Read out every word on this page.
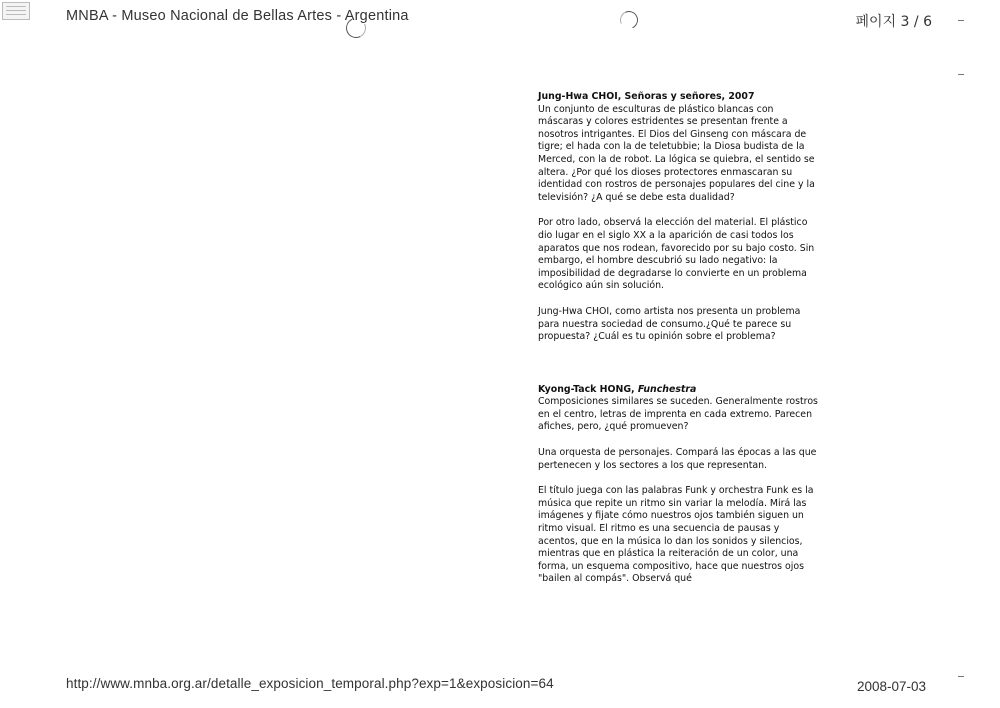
MNBA - Museo Nacional de Bellas Artes - Argentina	페이지 3 / 6

Jung-Hwa CHOI, Señoras y señores, 2007

Un conjunto de esculturas de plástico blancas con máscaras y colores estridentes se presentan frente a nosotros intrigantes. El Dios del Ginseng con máscara de tigre; el hada con la de teletubbie; la Diosa budista de la Merced, con la de robot. La lógica se quiebra, el sentido se altera. ¿Por qué los dioses protectores enmascaran su identidad con rostros de personajes populares del cine y la televisión? ¿A qué se debe esta dualidad?

Por otro lado, observá la elección del material. El plástico dio lugar en el siglo XX a la aparición de casi todos los aparatos que nos rodean, favorecido por su bajo costo. Sin embargo, el hombre descubrió su lado negativo: la imposibilidad de degradarse lo convierte en un problema ecológico aún sin solución.

Jung-Hwa CHOI, como artista nos presenta un problema para nuestra sociedad de consumo.¿Qué te parece su propuesta? ¿Cuál es tu opinión sobre el problema?

Kyong-Tack HONG, Funchestra

Composiciones similares se suceden. Generalmente rostros en el centro, letras de imprenta en cada extremo. Parecen afiches, pero, ¿qué promueven?

Una orquesta de personajes. Compará las épocas a las que pertenecen y los sectores a los que representan.

El título juega con las palabras Funk y orchestra Funk es la música que repite un ritmo sin variar la melodía. Mirá las imágenes y fijate cómo nuestros ojos también siguen un ritmo visual. El ritmo es una secuencia de pausas y acentos, que en la música lo dan los sonidos y silencios, mientras que en plástica la reiteración de un color, una forma, un esquema compositivo, hace que nuestros ojos "bailen al compás". Observá qué

http://www.mnba.org.ar/detalle_exposicion_temporal.php?exp=1&exposicion=64	2008-07-03
